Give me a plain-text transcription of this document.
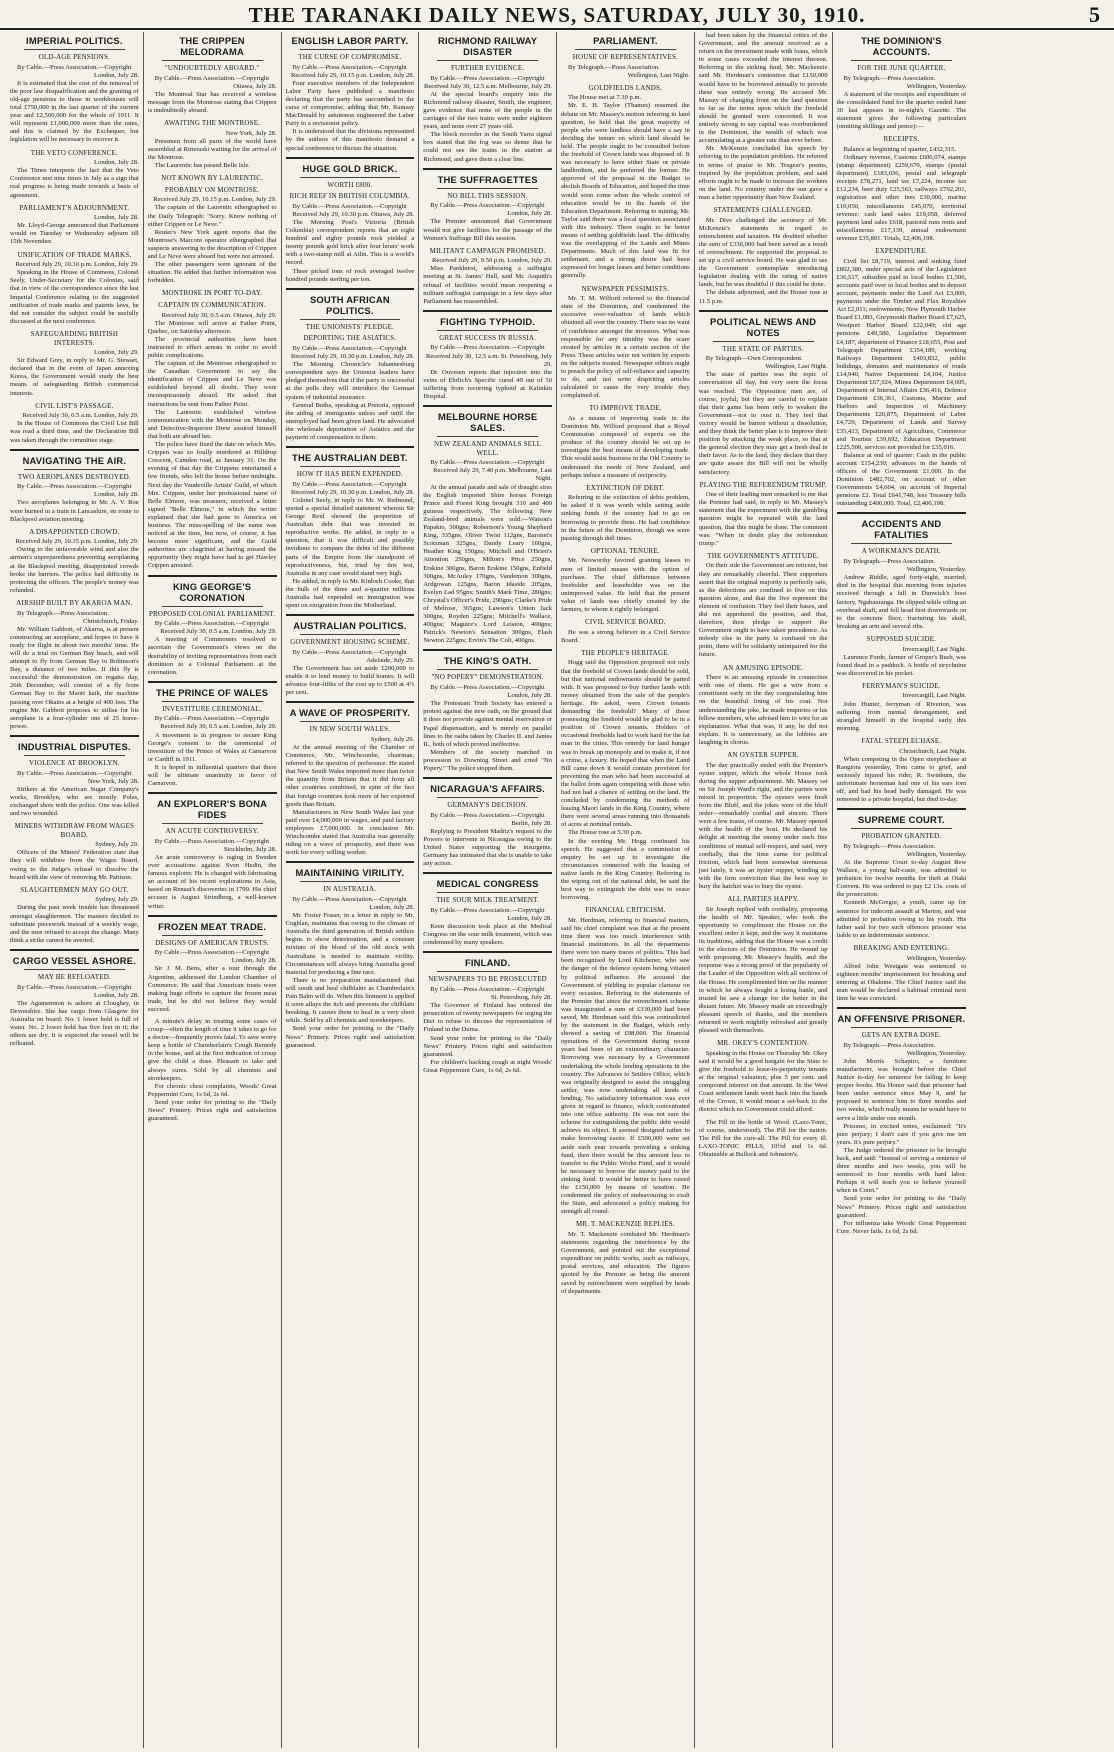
THE TARANAKI DAILY NEWS, SATURDAY, JULY 30, 1910.	5
IMPERIAL POLITICS.
OLD-AGE PENSIONS.

By Cable.—Press Association.—Copyright

London, July 28.

It is estimated that the cost of the removal of the poor law disqualification and the granting of old-age pensions to those in workhouses will total £750,000 in the last quarter of the current year and £2,500,000 for the whole of 1911. It will represent £1,000,000 more than the rates, and this is claimed by the Exchequer, but legislation will be necessary to recover it.

THE VETO CONFERENCE.

London, July 28.

The Times interprets the fact that the Veto Conference met nine times in July as a sign that real progress is being made towards a basis of agreement.

PARLIAMENT'S ADJOURNMENT.

London, July 28.

Mr. Lloyd-George announced that Parliament would on Tuesday or Wednesday adjourn till 15th November.

UNIFICATION OF TRADE MARKS.

Received July 29, 10.30 p.m. London, July 29.

Speaking in the House of Commons, Colonel Seely, Under-Secretary for the Colonies, said that in view of the correspondence since the last Imperial Conference relating to the suggested unification of trade marks and patents laws, he did not consider the subject could be usefully discussed at the next conference.

SAFEGUARDING BRITISH INTERESTS.

London, July 29.

Sir Edward Grey, in reply to Mr. G. Stewart, declared that in the event of Japan annexing Korea, the Government would study the best means of safeguarding British commercial interests.

CIVIL LIST'S PASSAGE.

Received July 30, 0.5 a.m. London, July 29.

In the House of Commons the Civil List Bill was read a third time, and the Declaration Bill was taken through the committee stage.

NAVIGATING THE AIR.
TWO AEROPLANES DESTROYED.

By Cable.—Press Association.—Copyright

London, July 28.

Two aeroplanes belonging to Mr. A. V. Roe were burned in a train in Lancashire, en route to Blackpool aviation meeting.

A DISAPPOINTED CROWD.

Received July 29, 10.35 p.m. London, July 29.

Owing to the unfavorable wind and also the airmen's unpreparedness preventing aeroplaning at the Blackpool meeting, disappointed crowds broke the barriers. The police had difficulty in protecting the officers. The people's money was refunded.

AIRSHIP BUILT BY AKAROA MAN.

By Telegraph.—Press Association.

Christchurch, Friday.

Mr. William Gabbott, of Akaroa, is at present constructing an aeroplane, and hopes to have it ready for flight in about two months' time. He will do a trial on German Bay beach, and will attempt to fly from German Bay to Robinson's Bay, a distance of two miles. If this fly is successful the demonstration on regatta day, 26th December, will consist of a fly from German Bay to the Maori kaik, the machine passing over Okains at a height of 400 feet. The engine Mr. Gabbott proposes to utilise for his aeroplane is a four-cylinder one of 25 horse-power.

INDUSTRIAL DISPUTES.
VIOLENCE AT BROOKLYN.

By Cable.—Press Association.—Copyright

New York, July 28.

Strikers at the American Sugar Company's works, Brooklyn, who are mostly Poles, exchanged shots with the police. One was killed and two wounded.

MINERS WITHDRAW FROM WAGES BOARD.

Sydney, July 29.

Officers of the Miners' Federation state that they will withdraw from the Wages Board, owing to the Judge's refusal to dissolve the board with the view of removing Mr. Pattison.

SLAUGHTERMEN MAY GO OUT.

Sydney, July 29.

During the past week trouble has threatened amongst slaughtermen. The masters decided to substitute piecework instead of a weekly wage, and the men refused to accept the change. Many think a strike cannot be averted.

CARGO VESSEL ASHORE.
MAY BE REFLOATED.

By Cable.—Press Association.—Copyright

London, July 28.

The Agamemnon is ashore at Cloughey, in Devonshire. She has cargo from Glasgow for Australia on board. No. 1 lower hold is full of water. No. 2 lower hold has five feet in it; the others are dry. It is expected the vessel will be refloated.

THE CRIPPEN MELODRAMA
"UNDOUBTEDLY ABOARD."

By Cable.—Press Association.—Copyright

Ottawa, July 28.

The Montreal Star has received a wireless message from the Montrose stating that Crippen is undoubtedly aboard.

AWAITING THE MONTROSE.

New York, July 28.

Pressmen from all parts of the world have assembled at Rimouski waiting for the arrival of the Montrose.

The Laurentic has passed Belle Isle.

NOT KNOWN BY LAURENTIC.
PROBABLY ON MONTROSE.

Received July 29, 10.15 p.m. London, July 29.

The captain of the Laurentic ethergraphed to the Daily Telegraph: "Sorry. Know nothing of either Crippen or Le Neve."

Reuter's New York agent reports that the Montrose's Marconi operator ethergraphed that suspects answering to the description of Crippen and Le Neve were aboard but were not arrested.

The other passengers were ignorant of the situation. He added that further information was forbidden.

MONTROSE IN PORT TO-DAY.
CAPTAIN IN COMMUNICATION.

Received July 30, 0.5 a.m. Ottawa, July 29.

The Montrose will arrive at Father Point, Quebec, on Saturday afternoon.

The provincial authorities have been instructed to effect arrests in order to avoid public complications.

The captain of the Montrose ethergraphed to the Canadian Government to say the identification of Crippen and Le Neve was established beyond all doubt. They were inconspicuously aboard. He asked that instructions be sent from Father Point.

The Laurentic established wireless communication with the Montrose on Monday, and Detective-Inspector Drew assured himself that both are aboard her.

The police have fixed the date on which Mrs. Crippen was so foully murdered at Hilldrop Crescent, Camden road, as January 31. On the evening of that day the Crippens entertained a few friends, who left the house before midnight. Next day the Vaudeville Artists' Guild, of which Mrs. Crippen, under her professional name of Belle Elmore, was treasurer, received a letter signed "Belle Elmore," in which the writer explained that she had gone to America on business. The miss-spelling of the name was noticed at the time, but now, of course, it has become more significant, and the Guild authorities are chagrined at having missed the opportunity they might have had to get Hawley Crippen arrested.

KING GEORGE'S CORONATION
PROPOSED COLONIAL PARLIAMENT.

By Cable.—Press Association.—Copyright

Received July 30, 0.5 a.m. London, July 29.

A meeting of Commoners resolved to ascertain the Government's views on the desirability of inviting representatives from each dominion to a Colonial Parliament at the coronation.

THE PRINCE OF WALES
INVESTITURE CEREMONIAL.

By Cable.—Press Association.—Copyright

Received July 30, 0.5 a.m. London, July 29.

A movement is in progress to secure King George's consent to the ceremonial of investiture of the Prince of Wales at Carnarvon or Cardiff in 1911.

It is hoped in influential quarters that there will be ultimate unanimity in favor of Carnarvon.

AN EXPLORER'S BONA FIDES
AN ACUTE CONTROVERSY.

By Cable.—Press Association.—Copyright

Stockholm, July 28.

An acute controversy is raging in Sweden over accusations against Sven Hedin, the famous explorer. He is charged with fabricating an account of his recent explorations in Asia, based on Renaut's discoveries in 1790. His chief accuser is August Strindberg, a well-known writer.

FROZEN MEAT TRADE.
DESIGNS OF AMERICAN TRUSTS.

By Cable.—Press Association.—Copyright

London, July 28.

Sir J. M. Bens, after a tour through the Argentine, addressed the London Chamber of Commerce. He said that American trusts were making huge efforts to capture the frozen meat trade, but he did not believe they would succeed.

A minute's delay in treating some cases of croup—often the length of time it takes to go for a doctor—frequently proves fatal. To save worry keep a bottle of Chamberlain's Cough Remedy in the house, and at the first indication of croup give the child a dose. Pleasant to take and always cures. Sold by all chemists and storekeepers.

For chronic chest complaints, Woods' Great Peppermint Cure, 1s 6d, 2s 6d.

Send your order for printing to the "Daily News" Printery. Prices right and satisfaction guaranteed.

ENGLISH LABOR PARTY.
THE CURSE OF COMPROMISE.

By Cable.—Press Association.—Copyright

Received July 29, 10.15 p.m. London, July 28.

Four executive members of the Independent Labor Party have published a manifesto declaring that the party has succumbed to the curse of compromise, adding that Mr. Ramsay MacDonald by astuteness engineered the Labor Party to a revisionist policy.

It is understood that the divisions represented by the authors of this manifesto demand a special conference to discuss the situation.

HUGE GOLD BRICK.
WORTH £800.
RICH REEF IN BRITISH COLUMBIA.

By Cable.—Press Association.—Copyright

Received July 29, 10.30 p.m. Ottawa, July 28.

The Morning Post's Victoria (British Columbia) correspondent reports that an eight hundred and eighty pounds rock yielded a twenty pounds gold brick after four hours' work with a two-stamp mill at Atlin. This is a world's record.

Three picked tons of rock averaged twelve hundred pounds sterling per ton.

SOUTH AFRICAN POLITICS.
THE UNIONISTS' PLEDGE.
DEPORTING THE ASIATICS.

By Cable.—Press Association.—Copyright

Received July 29, 10.30 p.m. London, July 28.

The Morning Chronicle's Johannesburg correspondent says the Unionist leaders have pledged themselves that if the party is successful at the polls they will introduce the German system of industrial insurance.

General Botha, speaking at Pretoria, opposed the aiding of immigrants unless and until the unemployed had been given land. He advocated the wholesale deportation of Asiatics and the payment of compensation to them.

THE AUSTRALIAN DEBT.
HOW IT HAS BEEN EXPENDED.

By Cable.—Press Association.—Copyright

Received July 29, 10.30 p.m. London, July 28.

Colonel Seely, in reply to Mr. W. Redmond, quoted a special detailed statement wherein Sir George Reid showed the proportion of Australian debt that was invested in reproductive works. He added, in reply to a question, that it was difficult and possibly invidious to compare the debts of the different parts of the Empire from the standpoint of reproductiveness, but, tried by this test, Australia in any case would stand very high.

He added, in reply to Mr. Kinloch Cooke, that the bulk of the three and a-quarter millions Australia had expended on immigration was spent on emigration from the Motherland.

AUSTRALIAN POLITICS.
GOVERNMENT HOUSING SCHEME.

By Cable.—Press Association.—Copyright

Adelaide, July 29.

The Government has set aside £200,000 to enable it to lend money to build homes. It will advance four-fifths of the cost up to £500 at 4½ per cent.

A WAVE OF PROSPERITY.
IN NEW SOUTH WALES.

Sydney, July 29.

At the annual meeting of the Chamber of Commerce, Mr. Winchcombe, chairman, referred to the question of preference. He stated that New South Wales imported more than twice the quantity from Britain that it did from all other countries combined, in spite of the fact that foreign countries took more of her exported goods than Britain.

Manufacturers in New South Wales last year paid over £4,000,000 in wages, and paid factory employees £7,000,000. In conclusion Mr. Winchcombe stated that Australia was generally riding on a wave of prosperity, and there was work for every willing worker.

MAINTAINING VIRILITY.
IN AUSTRALIA.

By Cable.—Press Association.—Copyright

London, July 28.

Mr. Foster Fraser, in a letter in reply to Mr. Coghlan, maintains that owing to the climate of Australia the third generation of British settlers begins to show deterioration, and a constant mixture of the blood of the old stock with Australians is needed to maintain virility. Circumstances will always bring Australia good material for producing a fine race.

There is no preparation manufactured that will sooth and heal chilblains as Chamberlain's Pain Balm will do. When this liniment is applied it soon allays the itch and prevents the chilblain breaking. It causes them to heal in a very short while. Sold by all chemists and storekeepers.

Send your order for printing to the "Daily News" Printery. Prices right and satisfaction guaranteed.

RICHMOND RAILWAY DISASTER
FURTHER EVIDENCE.

By Cable.—Press Association.—Copyright

Received July 30, 12.5 a.m. Melbourne, July 29.

At the special board's enquiry into the Richmond railway disaster, Smith, the engineer, gave evidence that none of the people in the carriages of the two trains were under eighteen years, and none over 27 years old.

The block recorder in the South Yarra signal box stated that the fog was so dense that he could not see the trains in the station at Richmond, and gave them a clear line.

THE SUFFRAGETTES
NO BILL THIS SESSION.

By Cable.—Press Association.—Copyright

London, July 28.

The Premier announced that Government would not give facilities for the passage of the Women's Suffrage Bill this session.

MILITANT CAMPAIGN PROMISED.

Received July 29, 9.50 p.m. London, July 29.

Miss Pankhurst, addressing a suffragist meeting at St. James' Hall, said Mr. Asquith's refusal of facilities would mean reopening a militant suffragist campaign in a few days after Parliament has reassembled.

FIGHTING TYPHOID.
GREAT SUCCESS IN RUSSIA.

By Cable.—Press Association.—Copyright

Received July 30, 12.5 a.m. St. Petersburg, July 29.

Dr. Ouvesen reports that injection into the veins of Ehrlich's Specific cured 49 out of 50 suffering from recurring typhoid at Kalinkin Hospital.

MELBOURNE HORSE SALES.
NEW ZEALAND ANIMALS SELL WELL.

By Cable.—Press Association.—Copyright

Received July 29, 7.40 p.m. Melbourne, Last Night.

At the annual parade and sale of draught sires the English imported Shire horses Foreign Prince and Forest King brought 310 and 400 guineas respectively. The following New Zealand-bred animals were sold:—Watson's Papakio, 300gns; Robertson's Young Shepherd King, 335gns, Oliver Twist 112gns, Baronet's Scotsman 325gns, Dandy Leary 160gns, Heather King 150gns; Mitchell and O'Brien's Attention 250gns, Milton's Price 250gns, Erskine 300gns, Baron Erskine 150gns, Enfield 300gns, McAuley 170gns, Vandemon 300gns, Ardgowan 125gns, Baron Idaside 205gns, Evelyn Lad 95gns; Smith's Mark Time, 280gns; Chrystal's Officer's Pride, 290gns; Clarke's Pride of Melrose, 365gns; Lawson's Union Jack 300gns, Royden 225gns; Mitchell's Wallace, 400gns; Maguire's Lord Leiston, 400gns; Patrick's Newton's Sensation 300gns, Flash Newton 225gns; Ervin's The Colt, 400gns.

THE KING'S OATH.
"NO POPERY" DEMONSTRATION.

By Cable.—Press Association.—Copyright

London, July 28.

The Protestant Truth Society has entered a protest against the new oath, on the ground that it does not provide against mental reservation or Papal dispensation, and is merely on parallel lines to the oaths taken by Charles II. and James II., both of which proved ineffective.

Members of the society marched in procession to Downing Street and cried "No Popery." The police stopped them.

NICARAGUA'S AFFAIRS.
GERMANY'S DECISION.

By Cable.—Press Association.—Copyright

Berlin, July 28.

Replying to President Madriz's request to the Powers to intervene in Nicaragua owing to the United States supporting the insurgents, Germany has intimated that she is unable to take any action.

MEDICAL CONGRESS
THE SOUR MILK TREATMENT.

By Cable.—Press Association.—Copyright

London, July 28.

Keen discussion took place at the Medical Congress on the sour milk treatment, which was condemned by many speakers.

FINLAND.
NEWSPAPERS TO BE PROSECUTED

By Cable.—Press Association.—Copyright

St. Petersburg, July 28.

The Governor of Finland has ordered the prosecution of twenty newspapers for urging the Diet to refuse to discuss the representation of Finland in the Duma.

Send your order for printing to the "Daily News" Printery. Prices right and satisfaction guaranteed.

For children's hacking cough at night Woods' Great Peppermint Cure, 1s 6d, 2s 6d.

PARLIAMENT.
HOUSE OF REPRESENTATIVES.

By Telegraph.—Press Association.

Wellington, Last Night.

GOLDFIELDS LANDS.

The House met at 7.30 p.m.

Mr. E. H. Taylor (Thames) resumed the debate on Mr. Massey's motion referring to land question, he held that the great majority of people who were landless should have a say in deciding the tenure on which land should be held. The people ought to be consulted before the freehold of Crown lands was disposed of. It was necessary to have either State or private landlordism, and he preferred the former. He approved of the proposal in the Budget to abolish Boards of Education, and hoped the time would soon come when the whole control of education would be in the hands of the Education Department. Referring to mining, Mr. Taylor said there was a local question associated with this industry. There ought to be better means of settling goldfields land. The difficulty was the overlapping of the Lands and Mines Departments. Much of this land was fit for settlement, and a strong desire had been expressed for longer leases and better conditions generally.

NEWSPAPER PESSIMISTS.

Mr. T. M. Wilford referred to the financial state of the Dominion, and condemned the excessive over-valuation of lands which obtained all over the country. There was no want of confidence amongst the investors. What was responsible for any timidity was the scare created by articles in a certain section of the Press. These articles were not written by experts on the subjects treated. Newspaper editors ought to preach the policy of self-reliance and capacity to do, and not write dispiriting articles calculated to cause the very trouble they complained of.

TO IMPROVE TRADE.

As a means of improving trade in the Dominion Mr. Wilford proposed that a Royal Commission composed of experts on the produce of the country should be set up to investigate the best means of developing trade. This would assist business in the Old Country to understand the needs of New Zealand, and perhaps induce a measure of reciprocity.

EXTINCTION OF DEBT.

Referring to the extinction of debts problem, he asked if it was worth while setting aside sinking funds if the country had to go on borrowing to provide them. He had confidence in the future of the Dominion, though we were passing through dull times.

OPTIONAL TENURE.

Mr. Nosworthy favored granting leases to men of limited means with the option of purchase. The chief difference between freeholder and leaseholder was on the unimproved value. He held that the present value of lands was chiefly created by the farmers, to whom it rightly belonged.

CIVIL SERVICE BOARD.

He was a strong believer in a Civil Service Board.

THE PEOPLE'S HERITAGE.

Hogg said the Opposition proposed not only that the freehold of Crown lands should be sold, but that national endowments should be parted with. It was proposed to buy further lands with money obtained from the sale of the people's heritage. He asked, were Crown tenants demanding the freehold? Many of those possessing the freehold would be glad to be in a position of Crown tenants. Holders of occasional freeholds had to work hard for the fat man in the cities. This remedy for land hunger was to break up monopoly and to make it, if not a crime, a luxury. He hoped that when the Land Bill came down it would contain provision for preventing the man who had been successful at the ballot from again competing with those who had not had a chance of settling on the land. He concluded by condemning the methods of leasing Maori lands in the King Country, where there were several areas running into thousands of acres at nominal rentals.

The House rose at 5.30 p.m.

In the evening Mr. Hogg continued his speech. He suggested that a commission of enquiry be set up to investigate the circumstances connected with the leasing of native lands in the King Country. Referring to the wiping out of the national debt, he said the best way to extinguish the debt was to cease borrowing.

FINANCIAL CRITICISM.

Mr. Herdman, referring to financial matters, said his chief complaint was that at the present time there was too much interference with financial institutions. In all the departments there were too many traces of politics. This had been recognised by Lord Kitchener, who saw the danger of the defence system being vitiated by political influence. He accused the Government of yielding to popular clamour on every occasion. Referring to the statements of the Premier that since the retrenchment scheme was inaugurated a sum of £330,000 had been saved, Mr. Herdman said this was contradicted by the statement in the Budget, which only showed a saving of £98,000. The financial operations of the Government during recent years had been of an extraordinary character. Borrowing was necessary by a Government undertaking the whole lending operations in the country. The Advances to Settlers Office, which was originally designed to assist the struggling settler, was now undertaking all kinds of lending. No satisfactory information was ever given in regard to finance, which concentrated into one office authority. He was not sure the scheme for extinguishing the public debt would achieve its object. It seemed designed rather to make borrowing easier. If £500,000 were set aside each year towards providing a sinking fund, then there would be this amount less to transfer to the Public Works Fund, and it would be necessary to borrow the money paid to the sinking fund. It would be better to have raised the £150,000 by means of taxation. He condemned the policy of endeavouring to exalt the State, and advocated a policy making for strength all round.

MR. T. MACKENZIE REPLIES.

Mr. T. Mackenzie combated Mr. Herdman's statements regarding the interference by the Government, and pointed out the exceptional expenditure on public works, such as railways, postal services, and education. The figures quoted by the Premier as being the amount saved by retrenchment were supplied by heads of departments.

had been taken by the financial critics of the Government, and the amount received as a return on the investment made with loans, which in some cases exceeded the interest thereon. Referring to the sinking fund, Mr. Mackenzie said Mr. Herdman's contention that £150,000 would have to be borrowed annually to provide these was entirely wrong. He accused Mr. Massey of changing front on the land question so far as the terms upon which the freehold should be granted were concerned. It was entirely wrong to say capital was overburdened in the Dominion, the wealth of which was accumulating at a greater rate than ever before.

Mr. McKenzie concluded his speech by referring to the population problem. He referred in terms of praise to Mr. Tregear's poems, inspired by the population problem, and said efforts ought to be made to increase the workers on the land. No country under the sun gave a man a better opportunity than New Zealand.

STATEMENTS CHALLENGED.

Mr. Dive challenged the accuracy of Mr. McKenzie's statements in regard to retrenchment and taxation. He doubted whether the sum of £330,000 had been saved as a result of retrenchment. He supported the proposal to set up a civil service board. He was glad to see the Government contemplate introducing legislation dealing with the rating of native lands, but he was doubtful if this could be done.

The debate adjourned, and the House rose at 11.5 p.m.

POLITICAL NEWS AND NOTES
THE STATE OF PARTIES.

By Telegraph—Own Correspondent.

Wellington, Last Night.

The state of parties was the topic of conversation all day, but very soon the focus was reached. The Opposition men are, of course, joyful; but they are careful to explain that their game has been only to weaken the Government—not to oust it. They feel that victory would be barren without a dissolution, and they think the better plan is to improve their position by attacking the weak place, so that at the general election they may get a fresh deal in their favor. As to the land, they declare that they are quite aware the Bill will not be wholly satisfactory.

PLAYING THE REFERENDUM TRUMP.

One of their leading men remarked to me that the Premier had said, in reply to Mr. Massey's statement that the experiment with the gambling question might be repeated with the land question, that this might be done. The comment was: "When in doubt play the referendum trump."

THE GOVERNMENT'S ATTITUDE.

On their side the Government are reticent, but they are remarkably cheerful. Their supporters assert that the original majority is perfectly safe, as the defections are confined to five on this question alone, and that the five represent the element of confusion. They feel their bases, and did not apprehend the position, and that, therefore, their pledge to support the Government ought to have taken precedence. As nobody else in the party is confused on the point, there will be solidarity unimpaired for the future.

AN AMUSING EPISODE.

There is an amusing episode in connection with one of them. He got a wire from a constituent early in the day congratulating him on the beautiful lining of his coat. Not understanding the joke, he made enquiries or his fellow members, who advised him to wire for an explanation. What that was, if any, he did not explain. It is unnecessary, as the lobbies are laughing in chorus.

AN OYSTER SUPPER.

The day practically ended with the Premier's oyster supper, which the whole House took during the supper adjournment. Mr. Massey sat on Sir Joseph Ward's right, and the parties were mixed in proportion. The oysters were fresh from the Bluff, and the jokes were of the bluff order—remarkably cordial and sincere. There were a few toasts, of course. Mr. Massey opened with the health of the host. He declared his delight at meeting the enemy under such fine conditions of mutual self-respect, and said, very cordially, that the time came for political friction, which had been somewhat strenuous just lately, it was an oyster supper, winding up with the firm conviction that the best way to bury the hatchet was to bury the oyster.

ALL PARTIES HAPPY.

Sir Joseph replied with cordiality, proposing the health of Mr. Speaker, who took the opportunity to compliment the House on the excellent order it kept, and the way it maintains its traditions, adding that the House was a credit to the electors of the Dominion. He wound up with proposing Mr. Massey's health, and the response was a strong proof of the popularity of the Leader of the Opposition with all sections of the House. He complimented him on the manner in which he always fought a losing battle, and trusted he saw a change for the better in the distant future. Mr. Massey made an exceedingly pleasant speech of thanks, and the members returned to work mightily refreshed and greatly pleased with themselves.

MR. OKEY'S CONTENTION.

Speaking in the House on Thursday Mr. Okey said it would be a good bargain for the State to give the freehold to lease-in-perpetuity tenants at the original valuation, plus 5 per cent. and compound interest on that amount. In the West Coast settlement lands went back into the hands of the Crown, it would mean a set-back to the district which no Government could afford.

The Pill in the bottle of Wood. (Laxo-Tonic, of course, understood). The Pill for the nation. The Pill for the cure-all. The Pill for every ill. LAXO-TONIC PILLS, 10½d and 1s 6d. Obtainable at Bullock and Johnston's.

THE DOMINION'S ACCOUNTS.
FOR THE JUNE QUARTER.

By Telegraph.—Press Association.

Wellington, Yesterday.

A statement of the receipts and expenditure of the consolidated fund for the quarter ended June 30 last appears in to-night's Gazette. The statement gives the following particulars (omitting shillings and pence):—

RECEIPTS.

Balance at beginning of quarter, £432,315.

Ordinary revenue, Customs £606,074, stamps (stamp department) £259,670, stamps (postal department) £183,036, postal and telegraph receipts £78,271, land tax £7,224, income tax £12,234, beer duty £25,563, railways £792,201, registration and other fees £30,000, marine £10,050, miscellaneous £45,070, territorial revenue: cash land sales £19,058, deferred payment land sales £618, pastoral runs rents and miscellaneous £17,139, annual endowment revenue £35,801. Totals, £2,406,198.

EXPENDITURE.

Civil list £8,719, interest and sinking fund £802,380, under special acts of the Legislature £36,517, subsidies paid to local bodies £1,506, accounts paid over to local bodies and to deposit account, payments under the Land Act £3,009, payments under the Timber and Flax Royalties Act £2,011; endowments; New Plymouth Harbor Board £1,083, Greymouth Harbor Board £7,625, Westport Harbor Board £22,049; old age pensions £49,580, Legislative Department £4,187, department of Finance £18,655, Post and Telegraph Department £354,189, working Railways Department £403,832, public buildings, domains and maintenance of roads £14,940, Native Department £4,104, Justice Department £67,924, Mines Department £4,605, Department of Internal Affairs £36,416, Defence Department £36,361, Customs, Marine and Harbors and Inspection of Machinery Departments £20,875, Department of Labor £4,729, Department of Lands and Survey £35,413, Department of Agriculture, Commerce and Tourists £39,692, Education Department £225,500, services not provided for £35,016.

Balance at end of quarter: Cash in the public account £154,230; advances in the hands of officers of the Government £1,000. In the Dominion £482,702, on account of other Governments £4,604, on account of Imperial pensions £2. Total £641,748, less Treasury bills outstanding £400,000. Total, £2,406,198.

ACCIDENTS AND FATALITIES
A WORKMAN'S DEATH.

By Telegraph.—Press Association.

Wellington, Yesterday.

Andrew Riddle, aged forty-eight, married, died in the hospital this morning from injuries received through a fall in Dunwick's boot factory, Ngahauranga. He slipped while oiling an overhead shaft, and fell head first downwards on to the concrete floor, fracturing his skull, breaking an arm and several ribs.

SUPPOSED SUICIDE.

Invercargill, Last Night.

Laurence Forde, farmer of Groper's Bush, was found dead in a paddock. A bottle of strychnine was discovered in his pocket.

FERRYMAN'S SUICIDE.

Invercargill, Last Night.

John Hunter, ferryman of Riverton, was suffering from mental derangement, and strangled himself in the hospital early this morning.

FATAL STEEPLECHASE.

Christchurch, Last Night.

When competing in the Open steeplechase at Rangiora yesterday, Tom came to grief, and seriously injured his rider, R. Swinburn, the unfortunate horseman had one of his ears torn off, and had his head badly damaged. He was removed to a private hospital, but died to-day.

SUPREME COURT.
PROBATION GRANTED.

By Telegraph.—Press Association.

Wellington, Yesterday.

At the Supreme Court to-day August Rew Wallace, a young half-caste, was admitted to probation for twelve months for theft at Otaki Convent. He was ordered to pay £2 13s. costs of the prosecution.

Kenneth McGregor, a youth, came up for sentence for indecent assault at Marton, and was admitted to probation owing to his youth. His father said for two such offences prisoner was liable to an indeterminate sentence.

BREAKING AND ENTERING.

Wellington, Yesterday.

Alfred John Westgate was sentenced to eighteen months' imprisonment for breaking and entering at Ohakune. The Chief Justice said the man would be declared a habitual criminal next time he was convicted.

AN OFFENSIVE PRISONER.
GETS AN EXTRA DOSE.

By Telegraph.—Press Association.

Wellington, Yesterday.

John Morris Schapiro, a furniture manufacturer, was brought before the Chief Justice to-day for sentence for failing to keep proper books. His Honor said that prisoner had been under sentence since May 9, and he proposed to sentence him to three months and two weeks, which really means he would have to serve a little under one month.

Prisoner, in excited tones, exclaimed: "It's pure perjury; I don't care if you give me ten years. It's pure perjury."

The Judge ordered the prisoner to be brought back, and said: "Instead of serving a sentence of three months and two weeks, you will be sentenced to four months with hard labor. Perhaps it will teach you to behave yourself when in Court."

Send your order for printing to the "Daily News" Printery. Prices right and satisfaction guaranteed.

For influenza take Woods' Great Peppermint Cure. Never fails. 1s 6d, 2s 6d.
